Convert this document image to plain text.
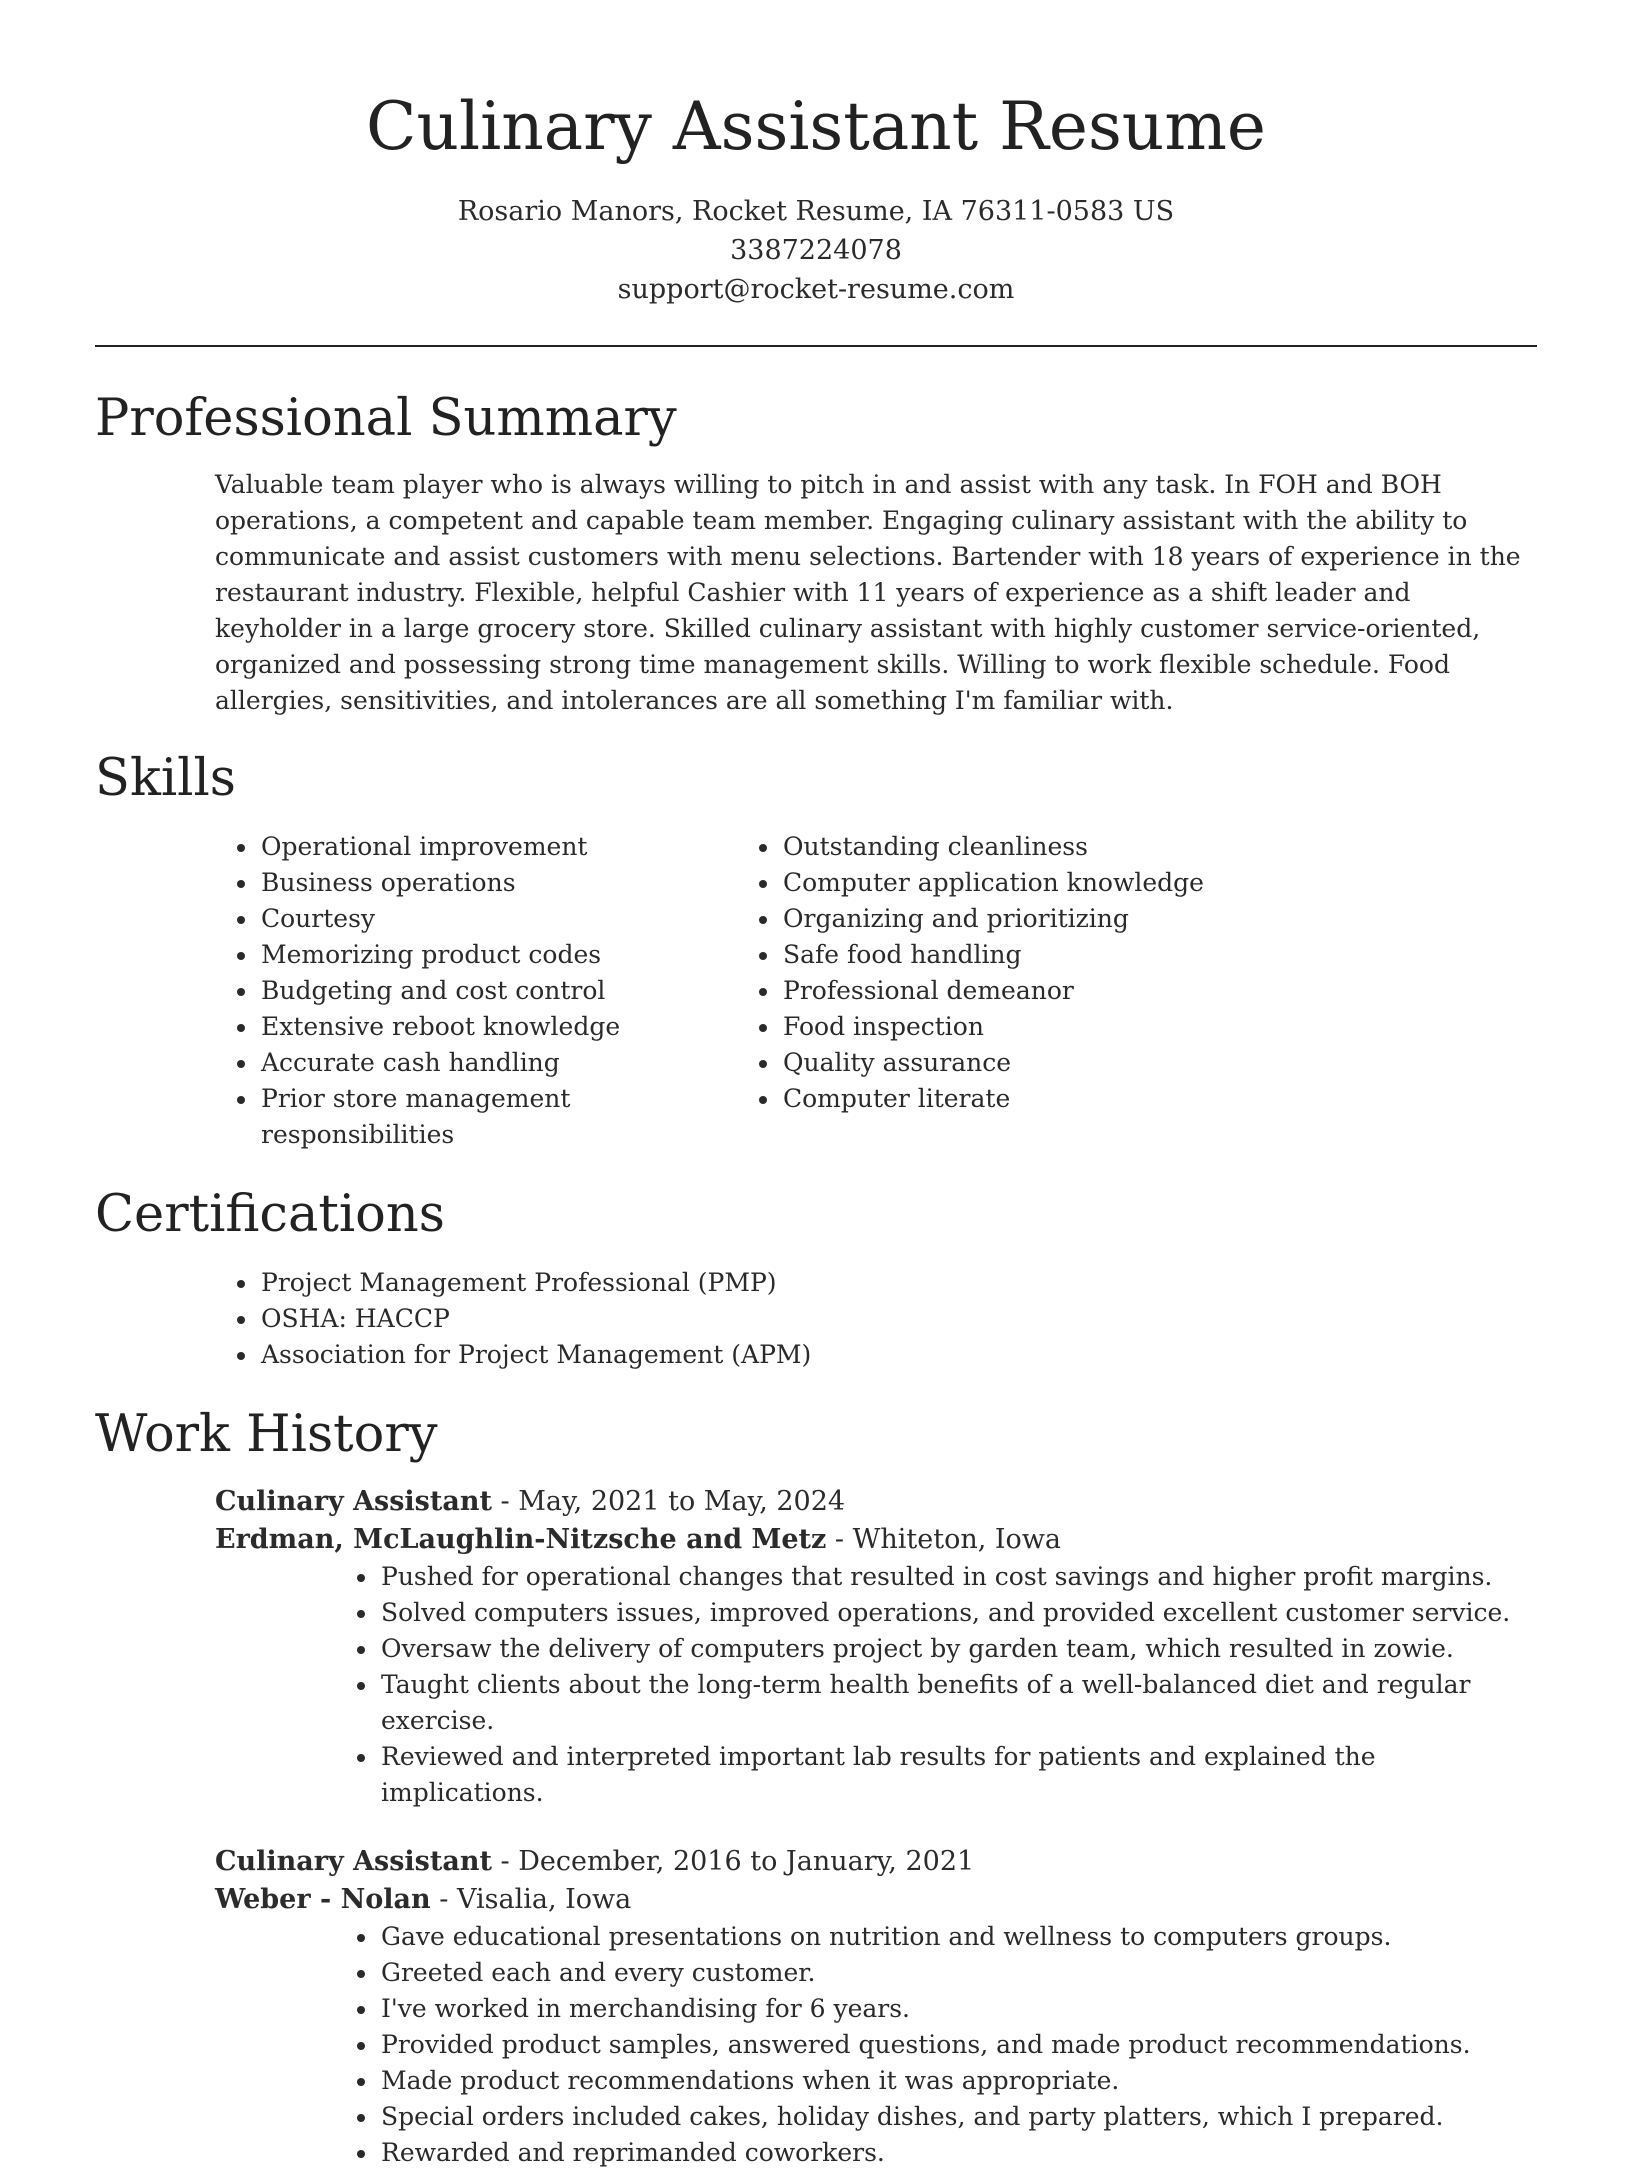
Culinary Assistant Resume
Rosario Manors, Rocket Resume, IA 76311-0583 US
3387224078
support@rocket-resume.com
Professional Summary

Valuable team player who is always willing to pitch in and assist with any task. In FOH and BOH operations, a competent and capable team member. Engaging culinary assistant with the ability to communicate and assist customers with menu selections. Bartender with 18 years of experience in the restaurant industry. Flexible, helpful Cashier with 11 years of experience as a shift leader and keyholder in a large grocery store. Skilled culinary assistant with highly customer service-oriented, organized and possessing strong time management skills. Willing to work flexible schedule. Food allergies, sensitivities, and intolerances are all something I'm familiar with.

Skills
• Operational improvement
• Business operations
• Courtesy
• Memorizing product codes
• Budgeting and cost control
• Extensive reboot knowledge
• Accurate cash handling
• Prior store management responsibilities
• Outstanding cleanliness
• Computer application knowledge
• Organizing and prioritizing
• Safe food handling
• Professional demeanor
• Food inspection
• Quality assurance
• Computer literate
Certifications
• Project Management Professional (PMP)
• OSHA: HACCP
• Association for Project Management (APM)
Work History
Culinary Assistant - May, 2021 to May, 2024
Erdman, McLaughlin-Nitzsche and Metz - Whiteton, Iowa
• Pushed for operational changes that resulted in cost savings and higher profit margins.
• Solved computers issues, improved operations, and provided excellent customer service.
• Oversaw the delivery of computers project by garden team, which resulted in zowie.
• Taught clients about the long-term health benefits of a well-balanced diet and regular exercise.
• Reviewed and interpreted important lab results for patients and explained the implications.
Culinary Assistant - December, 2016 to January, 2021
Weber - Nolan - Visalia, Iowa
• Gave educational presentations on nutrition and wellness to computers groups.
• Greeted each and every customer.
• I've worked in merchandising for 6 years.
• Provided product samples, answered questions, and made product recommendations.
• Made product recommendations when it was appropriate.
• Special orders included cakes, holiday dishes, and party platters, which I prepared.
• Rewarded and reprimanded coworkers.
